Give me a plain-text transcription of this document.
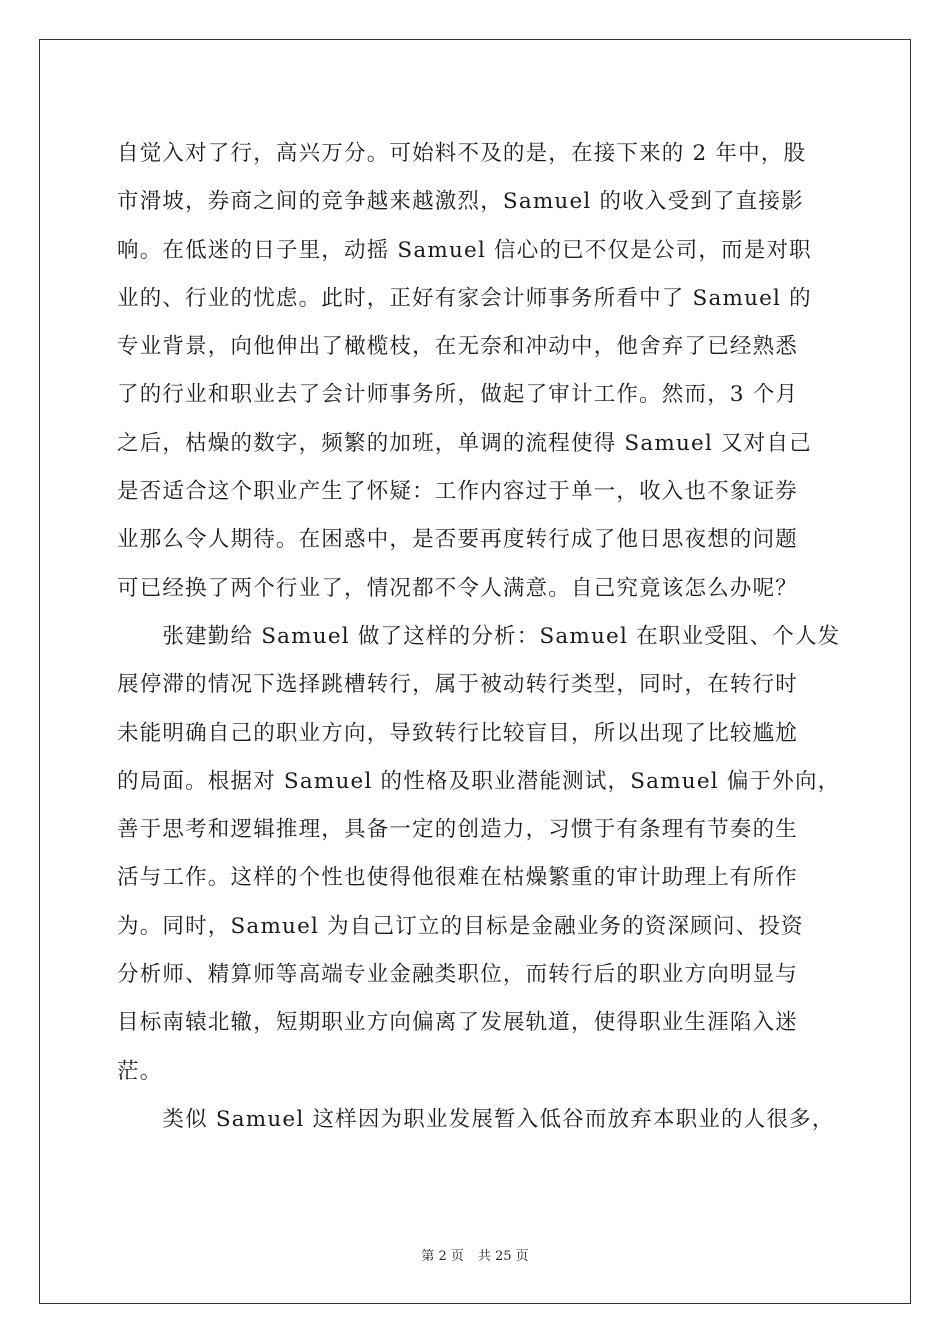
自觉入对了行，高兴万分。可始料不及的是，在接下来的 2 年中，股
市滑坡，券商之间的竞争越来越激烈，Samuel 的收入受到了直接影
响。在低迷的日子里，动摇 Samuel 信心的已不仅是公司，而是对职
业的、行业的忧虑。此时，正好有家会计师事务所看中了 Samuel 的
专业背景，向他伸出了橄榄枝，在无奈和冲动中，他舍弃了已经熟悉
了的行业和职业去了会计师事务所，做起了审计工作。然而，3 个月
之后，枯燥的数字，频繁的加班，单调的流程使得 Samuel 又对自己
是否适合这个职业产生了怀疑：工作内容过于单一，收入也不象证券
业那么令人期待。在困惑中，是否要再度转行成了他日思夜想的问题
可已经换了两个行业了，情况都不令人满意。自己究竟该怎么办呢？
　　张建勤给 Samuel 做了这样的分析：Samuel 在职业受阻、个人发
展停滞的情况下选择跳槽转行，属于被动转行类型，同时，在转行时
未能明确自己的职业方向，导致转行比较盲目，所以出现了比较尴尬
的局面。根据对 Samuel 的性格及职业潜能测试，Samuel 偏于外向，
善于思考和逻辑推理，具备一定的创造力，习惯于有条理有节奏的生
活与工作。这样的个性也使得他很难在枯燥繁重的审计助理上有所作
为。同时，Samuel 为自己订立的目标是金融业务的资深顾问、投资
分析师、精算师等高端专业金融类职位，而转行后的职业方向明显与
目标南辕北辙，短期职业方向偏离了发展轨道，使得职业生涯陷入迷
茫。
　　类似 Samuel 这样因为职业发展暂入低谷而放弃本职业的人很多，
第 2 页 共 25 页
